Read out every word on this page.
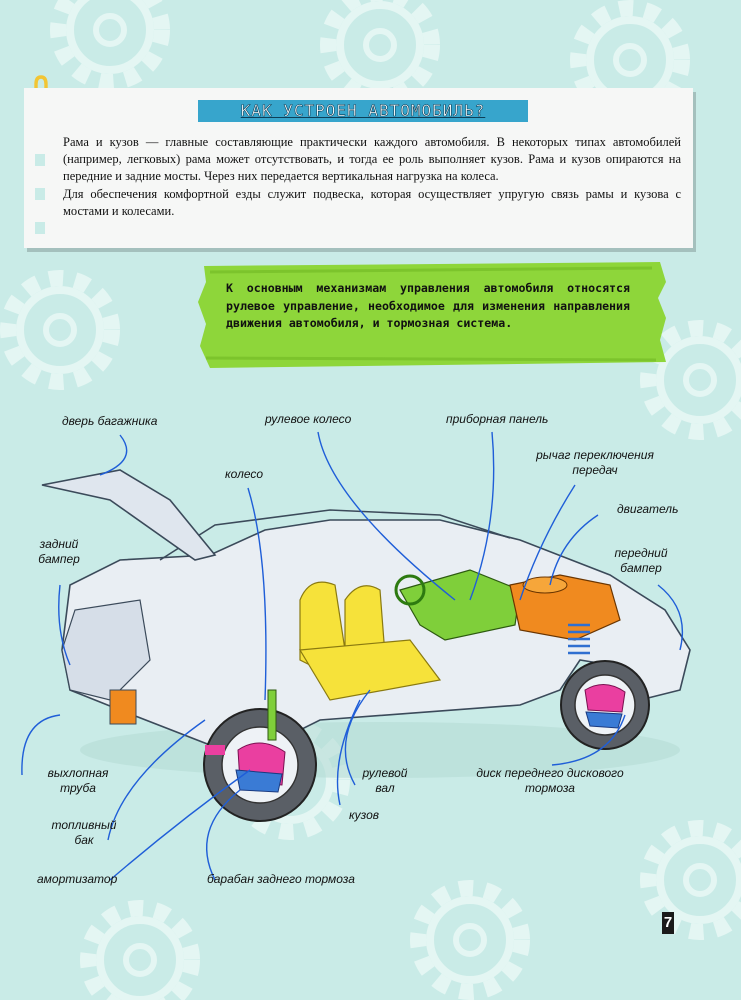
КАК УСТРОЕН АВТОМОБИЛЬ?

Рама и кузов — главные составляющие практически каждого автомобиля. В некоторых типах автомобилей (например, легковых) рама может отсутствовать, и тогда ее роль выполняет кузов. Рама и кузов опираются на передние и задние мосты. Через них передается вертикальная нагрузка на колеса.

Для обеспечения комфортной езды служит подвеска, которая осуществляет упругую связь рамы и кузова с мостами и колесами.

К основным механизмам управления автомобиля относятся рулевое управление, необходимое для изменения направления движения автомобиля, и тормозная система.
дверь багажника	рулевое колесо	приборная панель
рычаг переключения
передач
колесо
двигатель
задний
бампер	передний
бампер
выхлопная
труба
рулевой
вал
диск переднего дискового
тормоза
топливный
бак
кузов
амортизатор	барабан заднего тормоза
7
